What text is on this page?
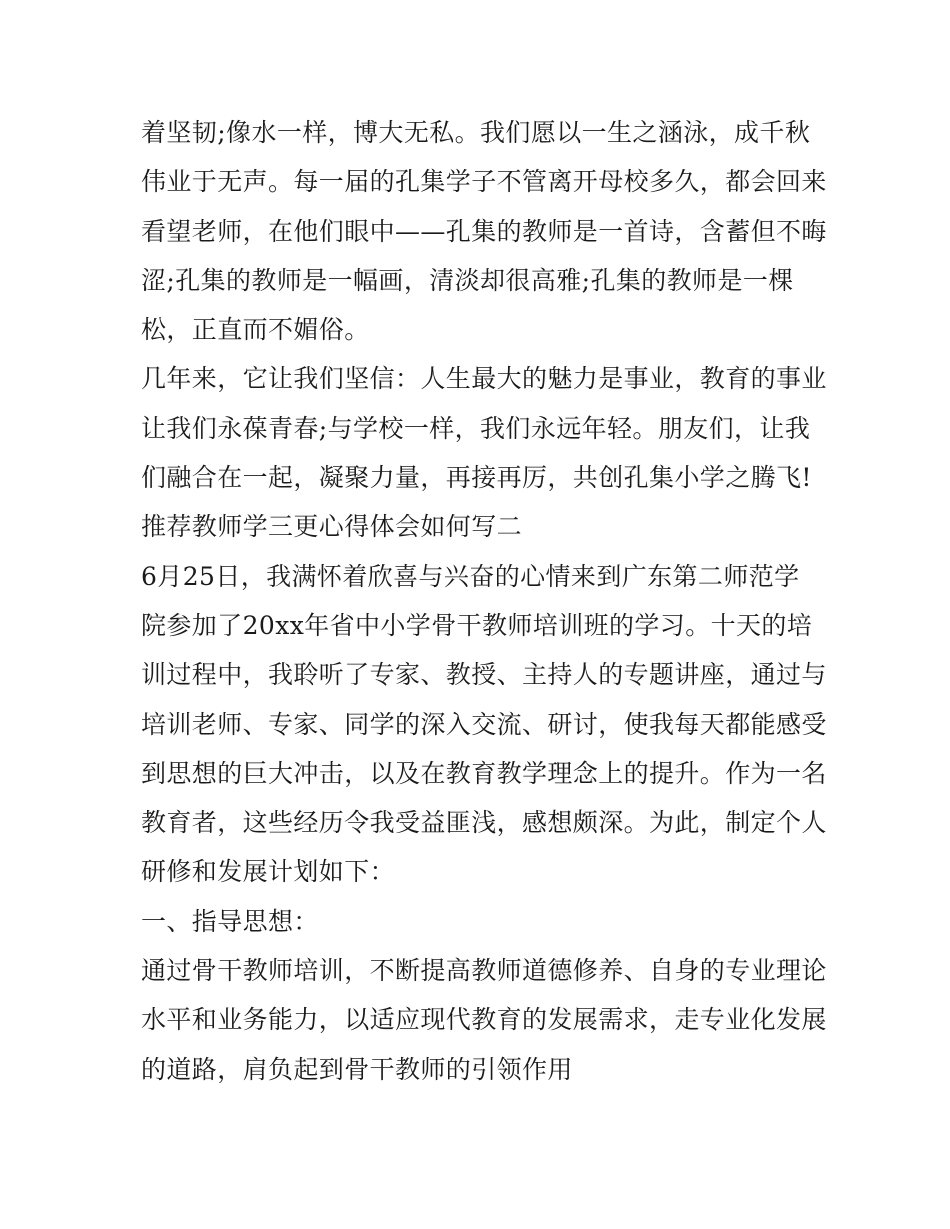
着坚韧;像水一样，博大无私。我们愿以一生之涵泳，成千秋
伟业于无声。每一届的孔集学子不管离开母校多久，都会回来
看望老师，在他们眼中——孔集的教师是一首诗，含蓄但不晦
涩;孔集的教师是一幅画，清淡却很高雅;孔集的教师是一棵
松，正直而不媚俗。
几年来，它让我们坚信：人生最大的魅力是事业，教育的事业
让我们永葆青春;与学校一样，我们永远年轻。朋友们，让我
们融合在一起，凝聚力量，再接再厉，共创孔集小学之腾飞!
推荐教师学三更心得体会如何写二
6月25日，我满怀着欣喜与兴奋的心情来到广东第二师范学
院参加了20xx年省中小学骨干教师培训班的学习。十天的培
训过程中，我聆听了专家、教授、主持人的专题讲座，通过与
培训老师、专家、同学的深入交流、研讨，使我每天都能感受
到思想的巨大冲击，以及在教育教学理念上的提升。作为一名
教育者，这些经历令我受益匪浅，感想颇深。为此，制定个人
研修和发展计划如下：
一、指导思想：
通过骨干教师培训，不断提高教师道德修养、自身的专业理论
水平和业务能力，以适应现代教育的发展需求，走专业化发展
的道路，肩负起到骨干教师的引领作用
